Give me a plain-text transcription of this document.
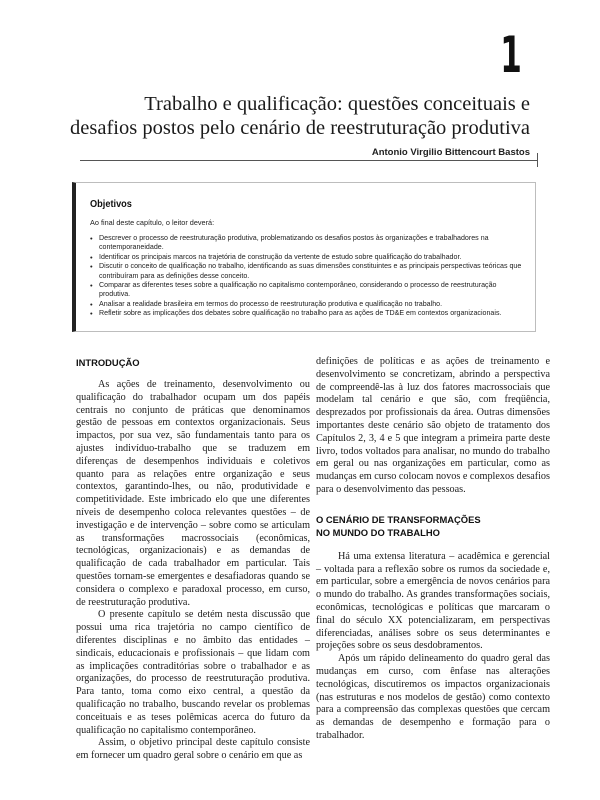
1
Trabalho e qualificação: questões conceituais e
desafios postos pelo cenário de reestruturação produtiva
Antonio Virgilio Bittencourt Bastos
Objetivos
Ao final deste capítulo, o leitor deverá:
• Descrever o processo de reestruturação produtiva, problematizando os desafios postos às organizações e trabalhadores na contemporaneidade.
• Identificar os principais marcos na trajetória de construção da vertente de estudo sobre qualificação do trabalhador.
• Discutir o conceito de qualificação no trabalho, identificando as suas dimensões constituintes e as principais perspectivas teóricas que contribuíram para as definições desse conceito.
• Comparar as diferentes teses sobre a qualificação no capitalismo contemporâneo, considerando o processo de reestruturação produtiva.
• Analisar a realidade brasileira em termos do processo de reestruturação produtiva e qualificação no trabalho.
• Refletir sobre as implicações dos debates sobre qualificação no trabalho para as ações de TD&E em contextos organizacionais.
INTRODUÇÃO

As ações de treinamento, desenvolvimento ou qualificação do trabalhador ocupam um dos papéis centrais no conjunto de práticas que denominamos gestão de pessoas em contextos organizacionais. Seus impactos, por sua vez, são fundamentais tanto para os ajustes indivíduo-trabalho que se traduzem em diferenças de desempenhos individuais e coletivos quanto para as relações entre organização e seus contextos, garantindo-lhes, ou não, produtividade e competitividade. Este imbricado elo que une diferentes níveis de desempenho coloca relevantes questões – de investigação e de intervenção – sobre como se articulam as transformações macrossociais (econômicas, tecnológicas, organizacionais) e as demandas de qualificação de cada trabalhador em particular. Tais questões tornam-se emergentes e desafiadoras quando se considera o complexo e paradoxal processo, em curso, de reestruturação produtiva.

O presente capítulo se detém nesta discussão que possui uma rica trajetória no campo científico de diferentes disciplinas e no âmbito das entidades – sindicais, educacionais e profissionais – que lidam com as implicações contraditórias sobre o trabalhador e as organizações, do processo de reestruturação produtiva. Para tanto, toma como eixo central, a questão da qualificação no trabalho, buscando revelar os problemas conceituais e as teses polêmicas acerca do futuro da qualificação no capitalismo contemporâneo.

Assim, o objetivo principal deste capítulo consiste em fornecer um quadro geral sobre o cenário em que as

definições de políticas e as ações de treinamento e desenvolvimento se concretizam, abrindo a perspectiva de compreendê-las à luz dos fatores macrossociais que modelam tal cenário e que são, com freqüência, desprezados por profissionais da área. Outras dimensões importantes deste cenário são objeto de tratamento dos Capítulos 2, 3, 4 e 5 que integram a primeira parte deste livro, todos voltados para analisar, no mundo do trabalho em geral ou nas organizações em particular, como as mudanças em curso colocam novos e complexos desafios para o desenvolvimento das pessoas.

O CENÁRIO DE TRANSFORMAÇÕES
NO MUNDO DO TRABALHO

Há uma extensa literatura – acadêmica e gerencial – voltada para a reflexão sobre os rumos da sociedade e, em particular, sobre a emergência de novos cenários para o mundo do trabalho. As grandes transformações sociais, econômicas, tecnológicas e políticas que marcaram o final do século XX potencializaram, em perspectivas diferenciadas, análises sobre os seus determinantes e projeções sobre os seus desdobramentos.

Após um rápido delineamento do quadro geral das mudanças em curso, com ênfase nas alterações tecnológicas, discutiremos os impactos organizacionais (nas estruturas e nos modelos de gestão) como contexto para a compreensão das complexas questões que cercam as demandas de desempenho e formação para o trabalhador.
